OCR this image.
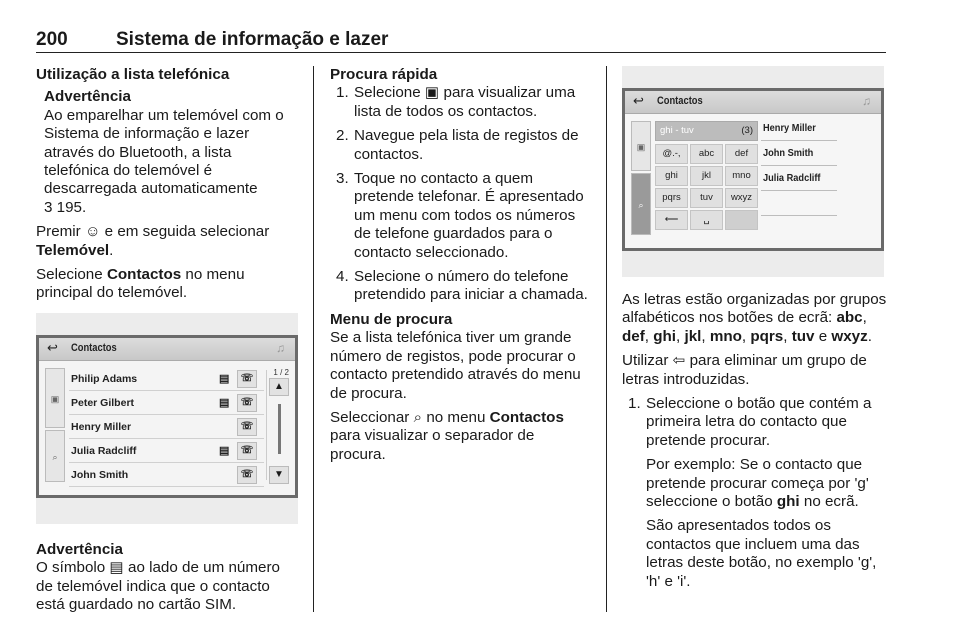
200	Sistema de informação e lazer

Utilização a lista telefónica

Advertência

Ao emparelhar um telemóvel com o Sistema de informação e lazer através do Bluetooth, a lista telefónica do telemóvel é descarregada automaticamente

3 195.

Premir ☺ e em seguida selecionar Telemóvel.

Selecione Contactos no menu principal do telemóvel.

↩ Contactos	♫
▣
⌕
Philip Adams	▤	☏
Peter Gilbert	▤	☏
Henry Miller	☏
Julia Radcliff	▤	☏
John Smith	☏
1 / 2
▲
▼

Advertência

O símbolo ▤ ao lado de um número de telemóvel indica que o contacto está guardado no cartão SIM.

Procura rápida

1. Selecione ▣ para visualizar uma lista de todos os contactos.
2. Navegue pela lista de registos de contactos.
3. Toque no contacto a quem pretende telefonar. É apresentado um menu com todos os números de telefone guardados para o contacto seleccionado.
4. Selecione o número do telefone pretendido para iniciar a chamada.

Menu de procura

Se a lista telefónica tiver um grande número de registos, pode procurar o contacto pretendido através do menu de procura.

Seleccionar ⌕ no menu Contactos para visualizar o separador de procura.

↩ Contactos	♫
▣
⌕
ghi - tuv	(3)
@.-,	abc	def
ghi	jkl	mno
pqrs	tuv	wxyz
⟵	␣
Henry Miller
John Smith
Julia Radcliff

As letras estão organizadas por grupos alfabéticos nos botões de ecrã: abc, def, ghi, jkl, mno, pqrs, tuv e wxyz.

Utilizar ⇦ para eliminar um grupo de letras introduzidas.

1. Seleccione o botão que contém a primeira letra do contacto que pretende procurar.
Por exemplo: Se o contacto que pretende procurar começa por 'g' seleccione o botão ghi no ecrã.
São apresentados todos os contactos que incluem uma das letras deste botão, no exemplo 'g', 'h' e 'i'.
